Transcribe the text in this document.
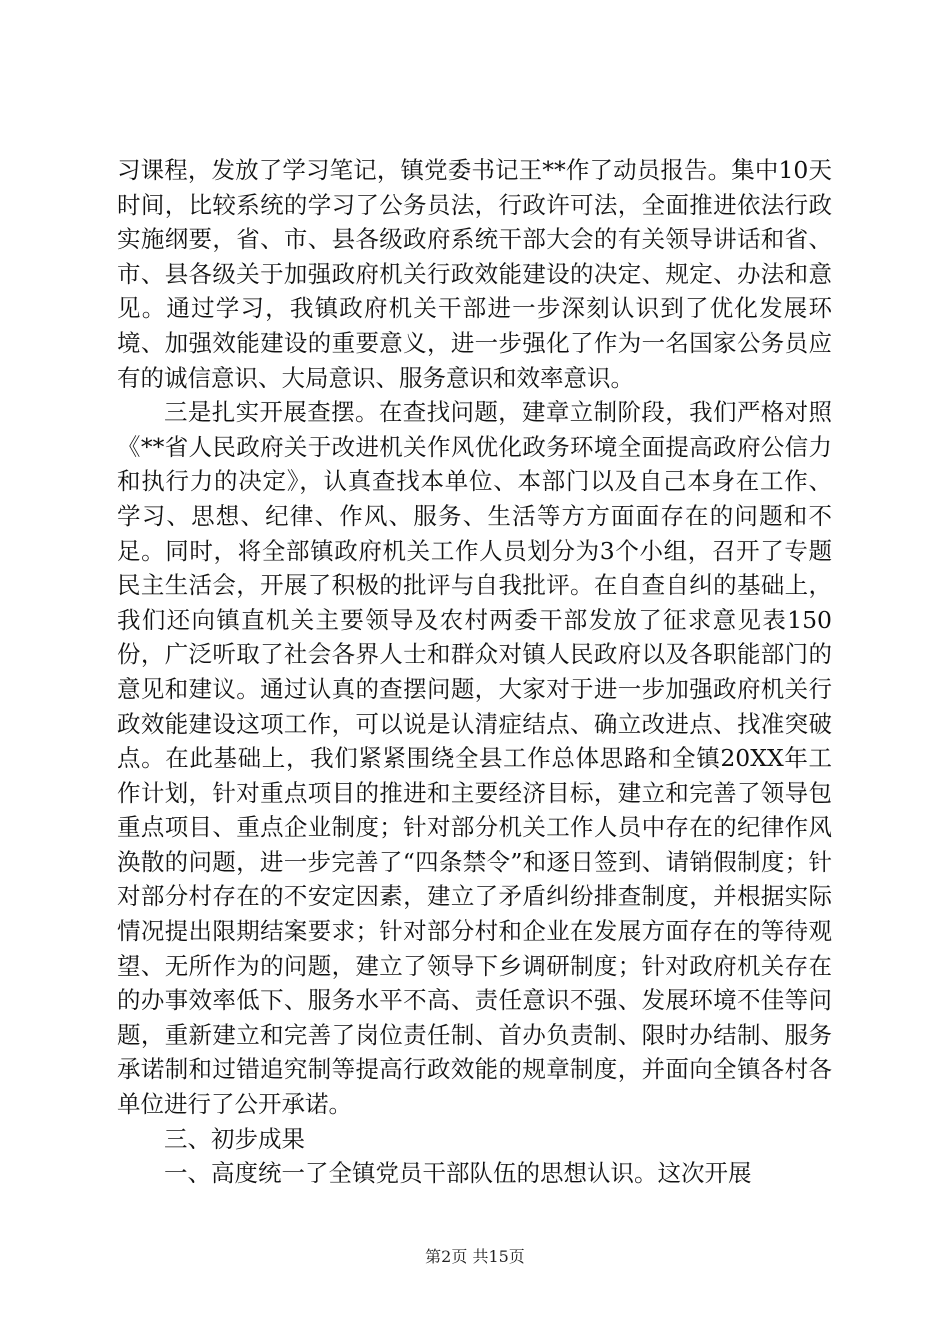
习课程，发放了学习笔记，镇党委书记王**作了动员报告。集中10天时间，比较系统的学习了公务员法，行政许可法，全面推进依法行政实施纲要，省、市、县各级政府系统干部大会的有关领导讲话和省、市、县各级关于加强政府机关行政效能建设的决定、规定、办法和意见。通过学习，我镇政府机关干部进一步深刻认识到了优化发展环境、加强效能建设的重要意义，进一步强化了作为一名国家公务员应有的诚信意识、大局意识、服务意识和效率意识。

三是扎实开展查摆。在查找问题，建章立制阶段，我们严格对照《**省人民政府关于改进机关作风优化政务环境全面提高政府公信力和执行力的决定》，认真查找本单位、本部门以及自己本身在工作、学习、思想、纪律、作风、服务、生活等方方面面存在的问题和不足。同时，将全部镇政府机关工作人员划分为3个小组，召开了专题民主生活会，开展了积极的批评与自我批评。在自查自纠的基础上，我们还向镇直机关主要领导及农村两委干部发放了征求意见表150份，广泛听取了社会各界人士和群众对镇人民政府以及各职能部门的意见和建议。通过认真的查摆问题，大家对于进一步加强政府机关行政效能建设这项工作，可以说是认清症结点、确立改进点、找准突破点。在此基础上，我们紧紧围绕全县工作总体思路和全镇20XX年工作计划，针对重点项目的推进和主要经济目标，建立和完善了领导包重点项目、重点企业制度；针对部分机关工作人员中存在的纪律作风涣散的问题，进一步完善了“四条禁令”和逐日签到、请销假制度；针对部分村存在的不安定因素，建立了矛盾纠纷排查制度，并根据实际情况提出限期结案要求；针对部分村和企业在发展方面存在的等待观望、无所作为的问题，建立了领导下乡调研制度；针对政府机关存在的办事效率低下、服务水平不高、责任意识不强、发展环境不佳等问题，重新建立和完善了岗位责任制、首办负责制、限时办结制、服务承诺制和过错追究制等提高行政效能的规章制度，并面向全镇各村各单位进行了公开承诺。

三、初步成果

一、高度统一了全镇党员干部队伍的思想认识。这次开展

第2页 共15页
